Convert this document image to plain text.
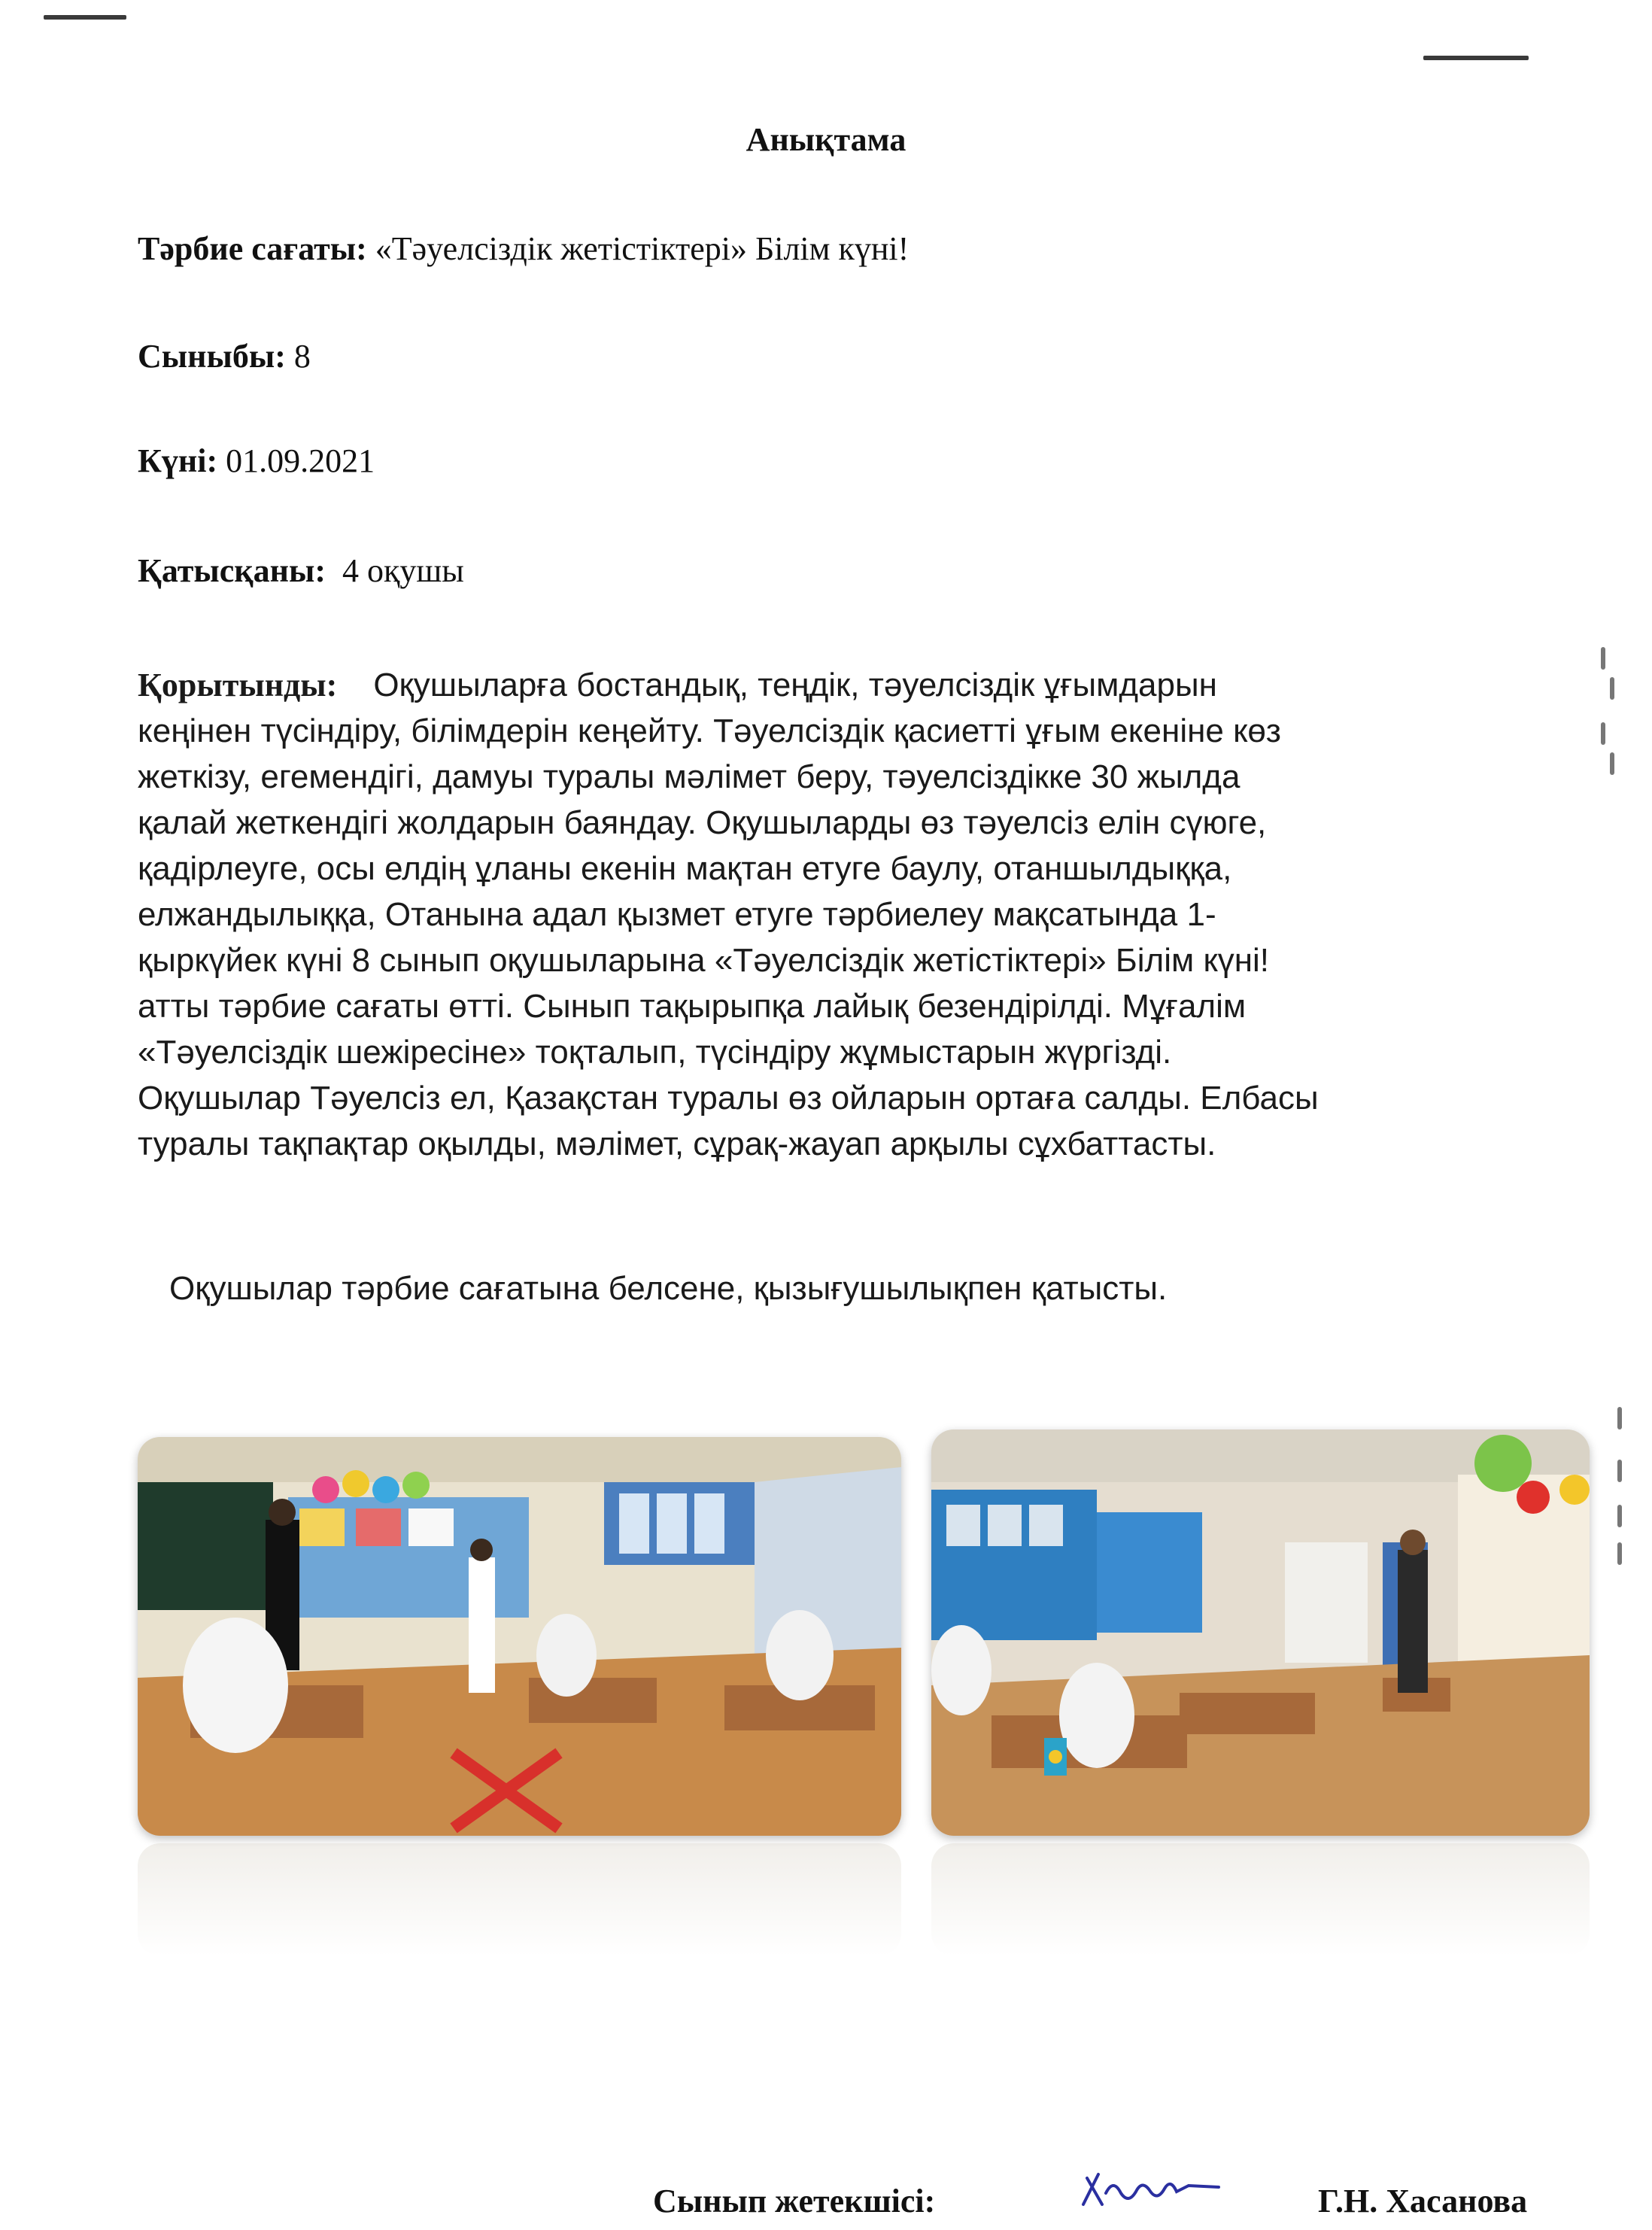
Анықтама
Тәрбие сағаты: «Тәуелсіздік жетістіктері» Білім күні!
Сыныбы: 8
Күні: 01.09.2021
Қатысқаны: 4 оқушы
Қорытынды: Оқушыларға бостандық, теңдік, тәуелсіздік ұғымдарын
кеңінен түсіндіру, білімдерін кеңейту. Тәуелсіздік қасиетті ұғым екеніне көз
жеткізу, егемендігі, дамуы туралы мәлімет беру, тәуелсіздікке 30 жылда
қалай жеткендігі жолдарын баяндау. Оқушыларды өз тәуелсіз елін сүюге,
қадірлеуге, осы елдің ұланы екенін мақтан етуге баулу, отаншылдыққа,
елжандылыққа, Отанына адал қызмет етуге тәрбиелеу мақсатында 1-
қыркүйек күні 8 сынып оқушыларына «Тәуелсіздік жетістіктері» Білім күні!
атты тәрбие сағаты өтті. Сынып тақырыпқа лайық безендірілді. Мұғалім
«Тәуелсіздік шежіресіне» тоқталып, түсіндіру жұмыстарын жүргізді.
Оқушылар Тәуелсіз ел, Қазақстан туралы өз ойларын ортаға салды. Елбасы
туралы тақпақтар оқылды, мәлімет, сұрақ-жауап арқылы сұхбаттасты.
Оқушылар тәрбие сағатына белсене, қызығушылықпен қатысты.
Сынып жетекшісі:	Г.Н. Хасанова
